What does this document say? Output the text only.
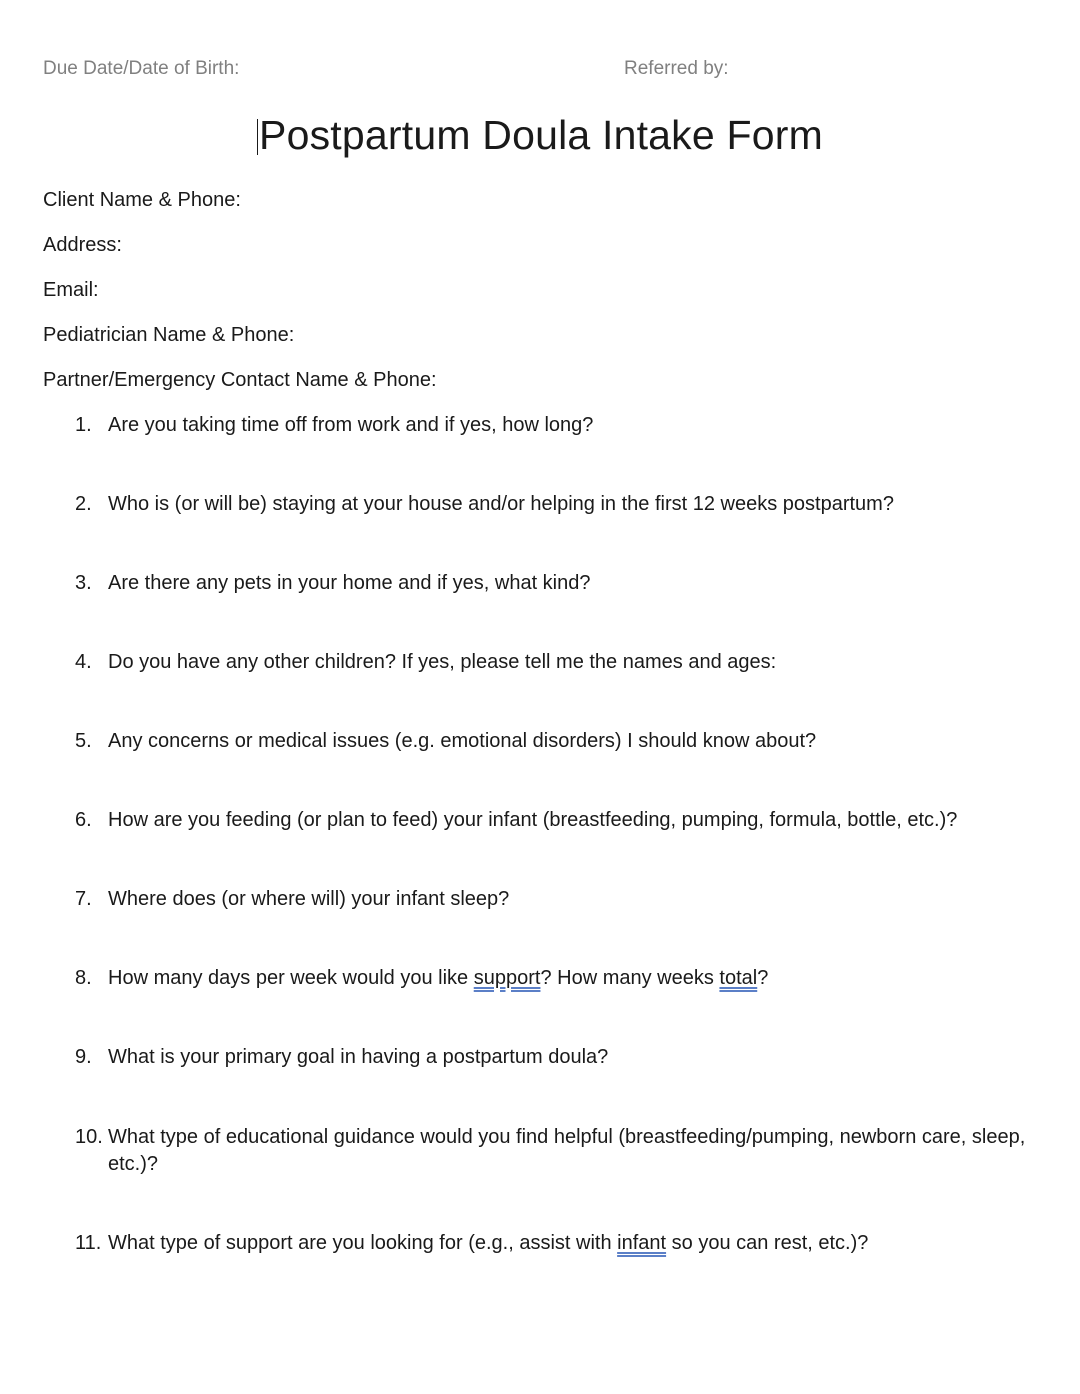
Due Date/Date of Birth:	Referred by:
Postpartum Doula Intake Form
Client Name & Phone:
Address:
Email:
Pediatrician Name & Phone:
Partner/Emergency Contact Name & Phone:
1. Are you taking time off from work and if yes, how long?
2. Who is (or will be) staying at your house and/or helping in the first 12 weeks postpartum?
3. Are there any pets in your home and if yes, what kind?
4. Do you have any other children? If yes, please tell me the names and ages:
5. Any concerns or medical issues (e.g. emotional disorders) I should know about?
6. How are you feeding (or plan to feed) your infant (breastfeeding, pumping, formula, bottle, etc.)?
7. Where does (or where will) your infant sleep?
8. How many days per week would you like support? How many weeks total?
9. What is your primary goal in having a postpartum doula?
10. What type of educational guidance would you find helpful (breastfeeding/pumping, newborn care, sleep, etc.)?
11. What type of support are you looking for (e.g., assist with infant so you can rest, etc.)?
